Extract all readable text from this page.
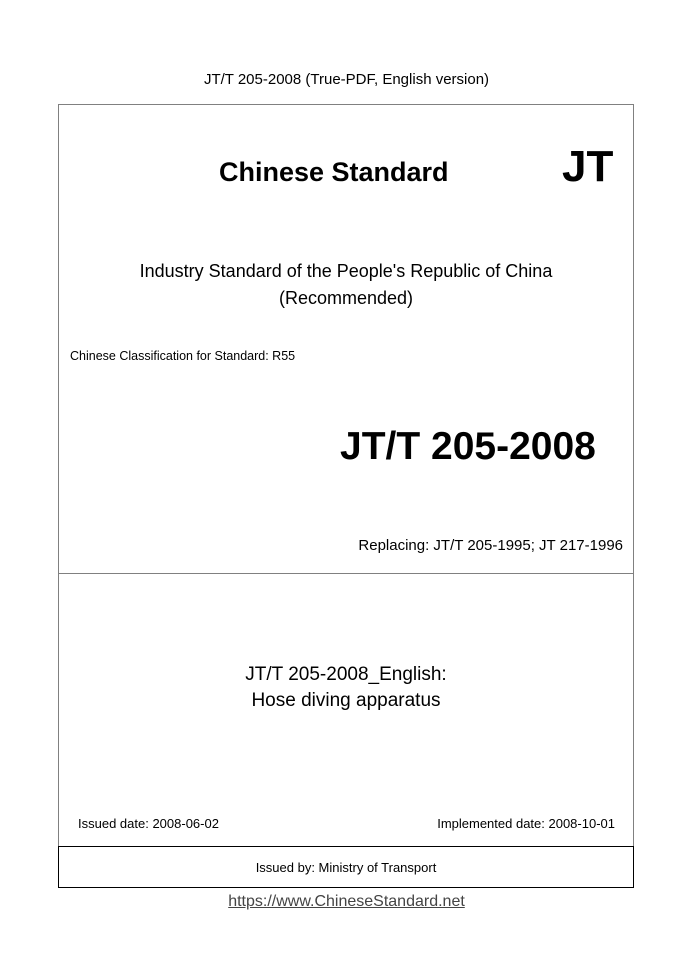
JT/T 205-2008 (True-PDF, English version)
Chinese Standard	JT
Industry Standard of the People's Republic of China
(Recommended)
Chinese Classification for Standard: R55
JT/T 205-2008
Replacing: JT/T 205-1995; JT 217-1996
JT/T 205-2008_English:
Hose diving apparatus
Issued date: 2008-06-02	Implemented date: 2008-10-01
Issued by: Ministry of Transport
https://www.ChineseStandard.net
